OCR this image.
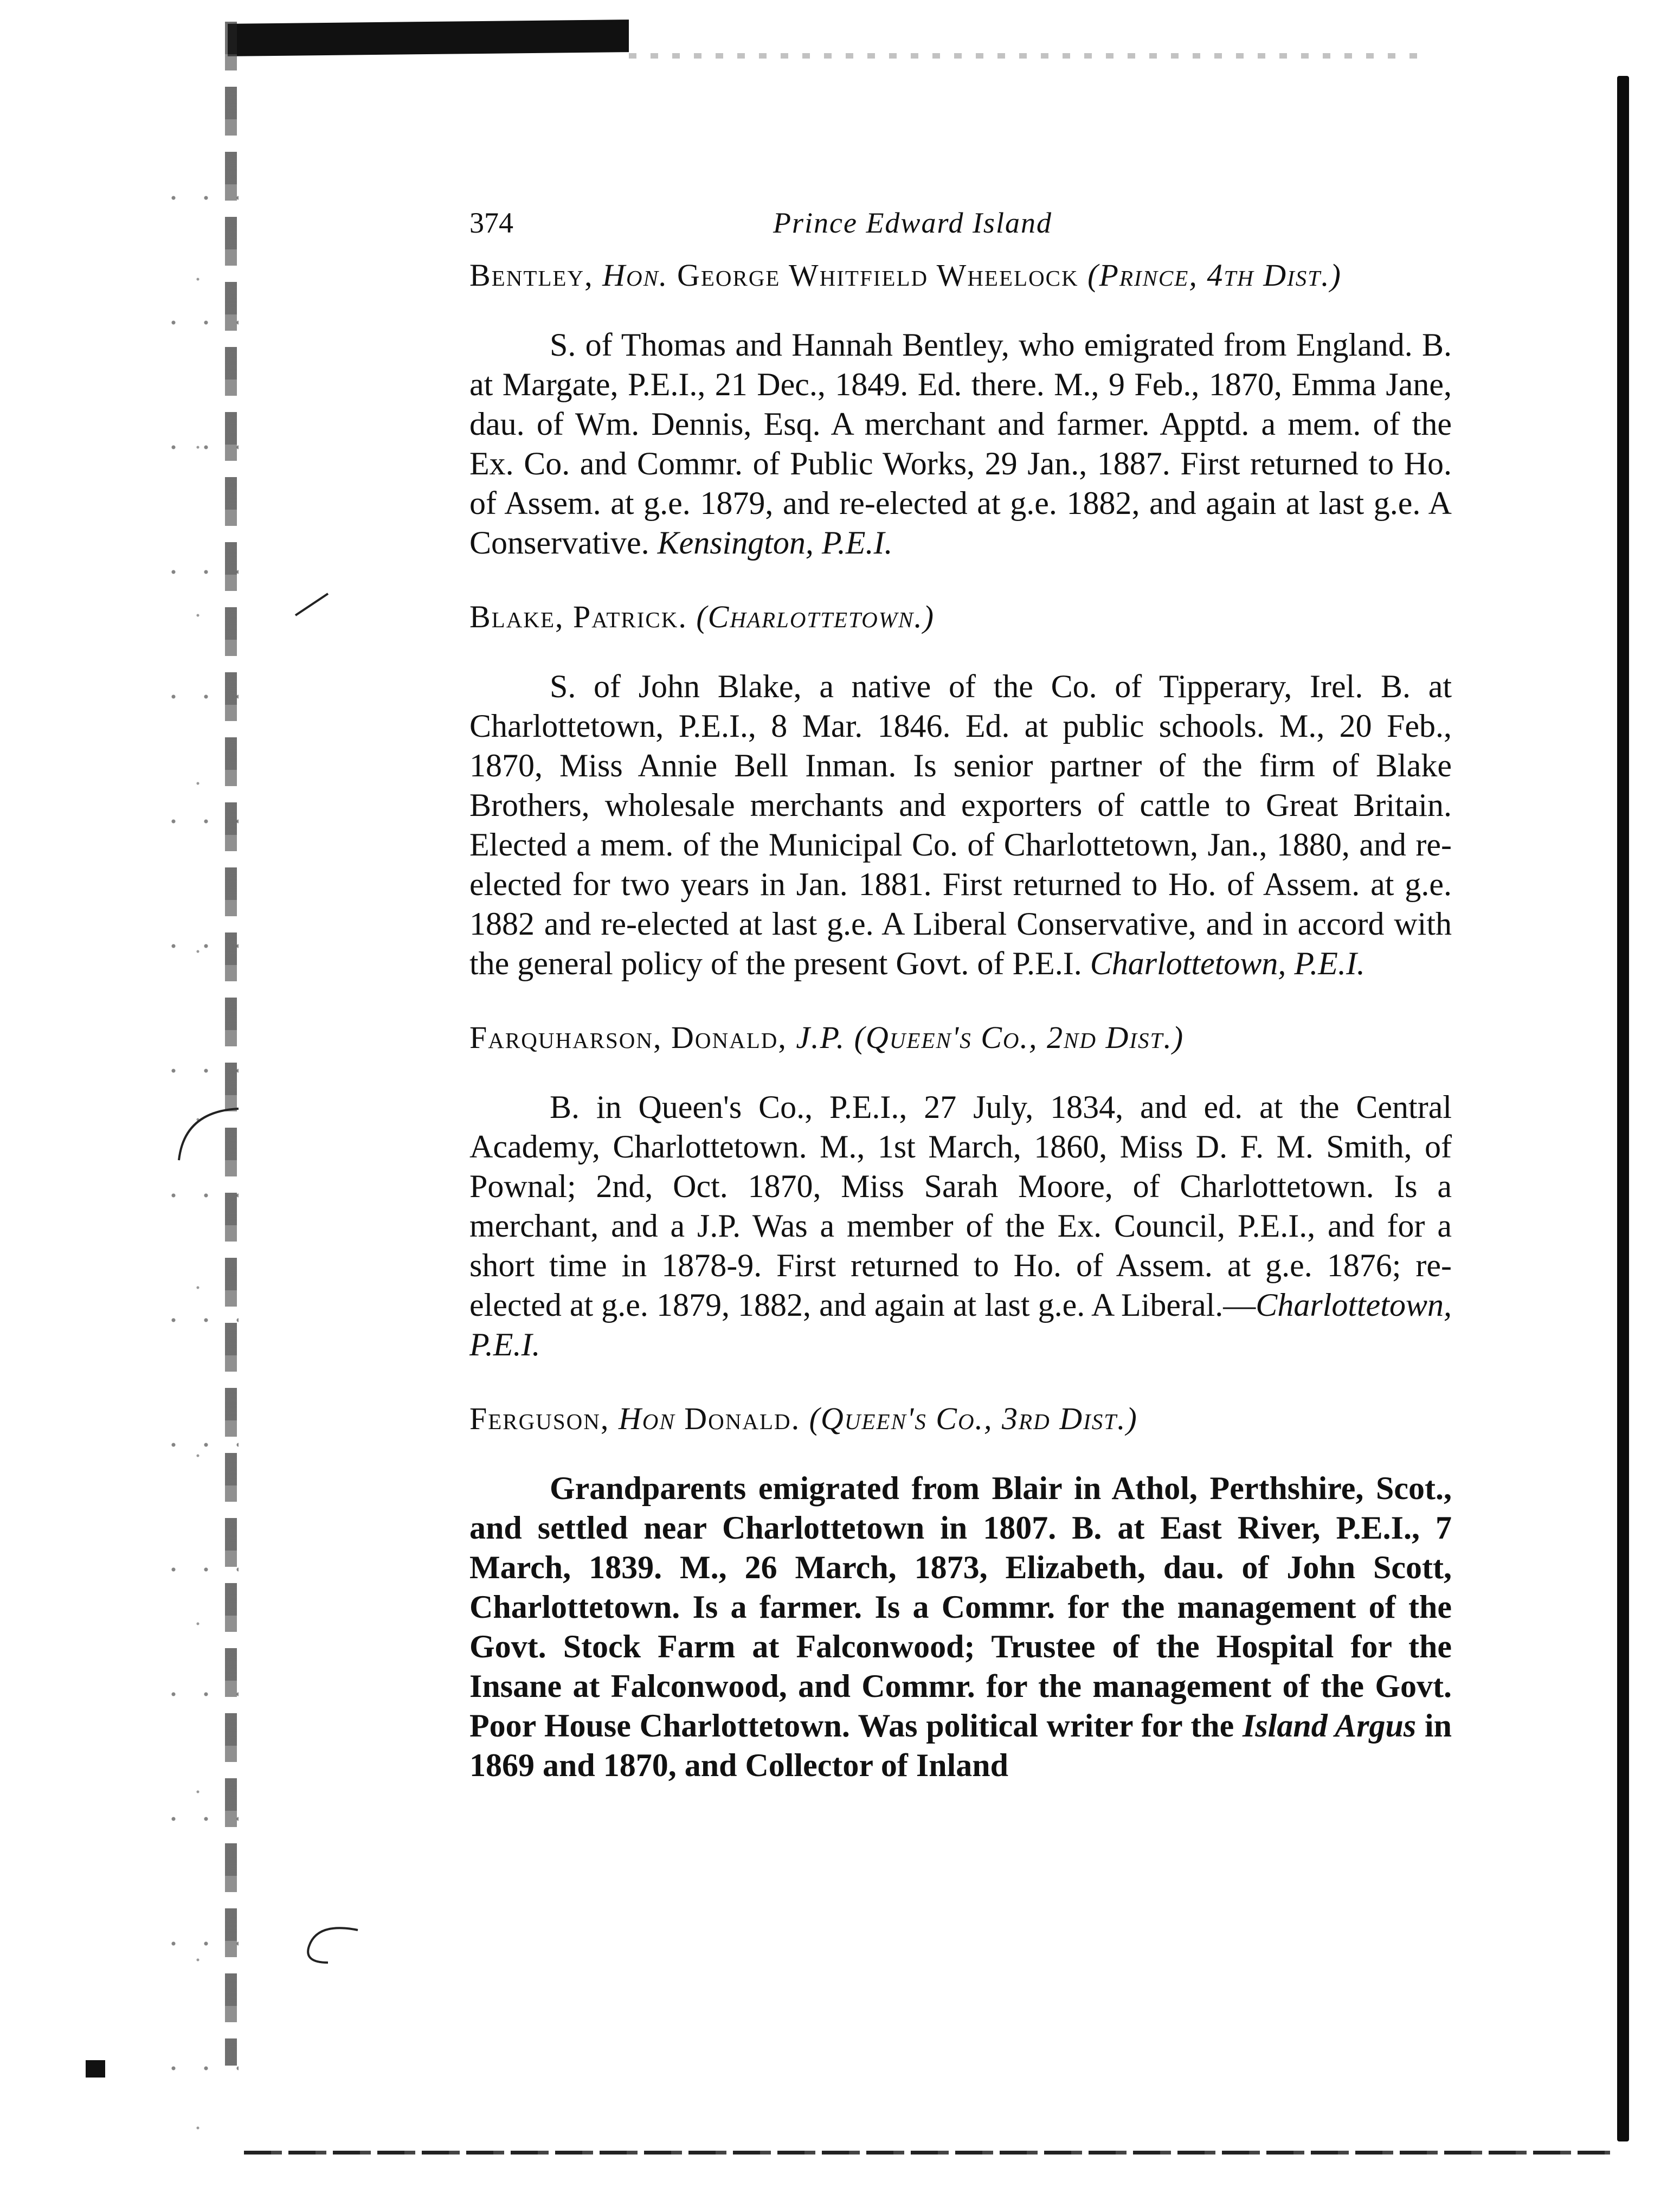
374	Prince Edward Island
Bentley, Hon. George Whitfield Wheelock (Prince, 4th Dist.)

S. of Thomas and Hannah Bentley, who emigrated from England. B. at Margate, P.E.I., 21 Dec., 1849. Ed. there. M., 9 Feb., 1870, Emma Jane, dau. of Wm. Dennis, Esq. A merchant and farmer. Apptd. a mem. of the Ex. Co. and Commr. of Public Works, 29 Jan., 1887. First returned to Ho. of Assem. at g.e. 1879, and re-elected at g.e. 1882, and again at last g.e. A Conservative. Kensington, P.E.I.

Blake, Patrick. (Charlottetown.)

S. of John Blake, a native of the Co. of Tipperary, Irel. B. at Charlottetown, P.E.I., 8 Mar. 1846. Ed. at public schools. M., 20 Feb., 1870, Miss Annie Bell Inman. Is senior partner of the firm of Blake Brothers, wholesale merchants and exporters of cattle to Great Britain. Elected a mem. of the Municipal Co. of Charlottetown, Jan., 1880, and re-elected for two years in Jan. 1881. First returned to Ho. of Assem. at g.e. 1882 and re-elected at last g.e. A Liberal Conservative, and in accord with the general policy of the present Govt. of P.E.I. Charlottetown, P.E.I.

Farquharson, Donald, J.P. (Queen's Co., 2nd Dist.)

B. in Queen's Co., P.E.I., 27 July, 1834, and ed. at the Central Academy, Charlottetown. M., 1st March, 1860, Miss D. F. M. Smith, of Pownal; 2nd, Oct. 1870, Miss Sarah Moore, of Charlottetown. Is a merchant, and a J.P. Was a member of the Ex. Council, P.E.I., and for a short time in 1878-9. First returned to Ho. of Assem. at g.e. 1876; re-elected at g.e. 1879, 1882, and again at last g.e. A Liberal.—Charlottetown, P.E.I.

Ferguson, Hon Donald. (Queen's Co., 3rd Dist.)

Grandparents emigrated from Blair in Athol, Perthshire, Scot., and settled near Charlottetown in 1807. B. at East River, P.E.I., 7 March, 1839. M., 26 March, 1873, Elizabeth, dau. of John Scott, Charlottetown. Is a farmer. Is a Commr. for the management of the Govt. Stock Farm at Falconwood; Trustee of the Hospital for the Insane at Falconwood, and Commr. for the management of the Govt. Poor House Charlottetown. Was political writer for the Island Argus in 1869 and 1870, and Collector of Inland
